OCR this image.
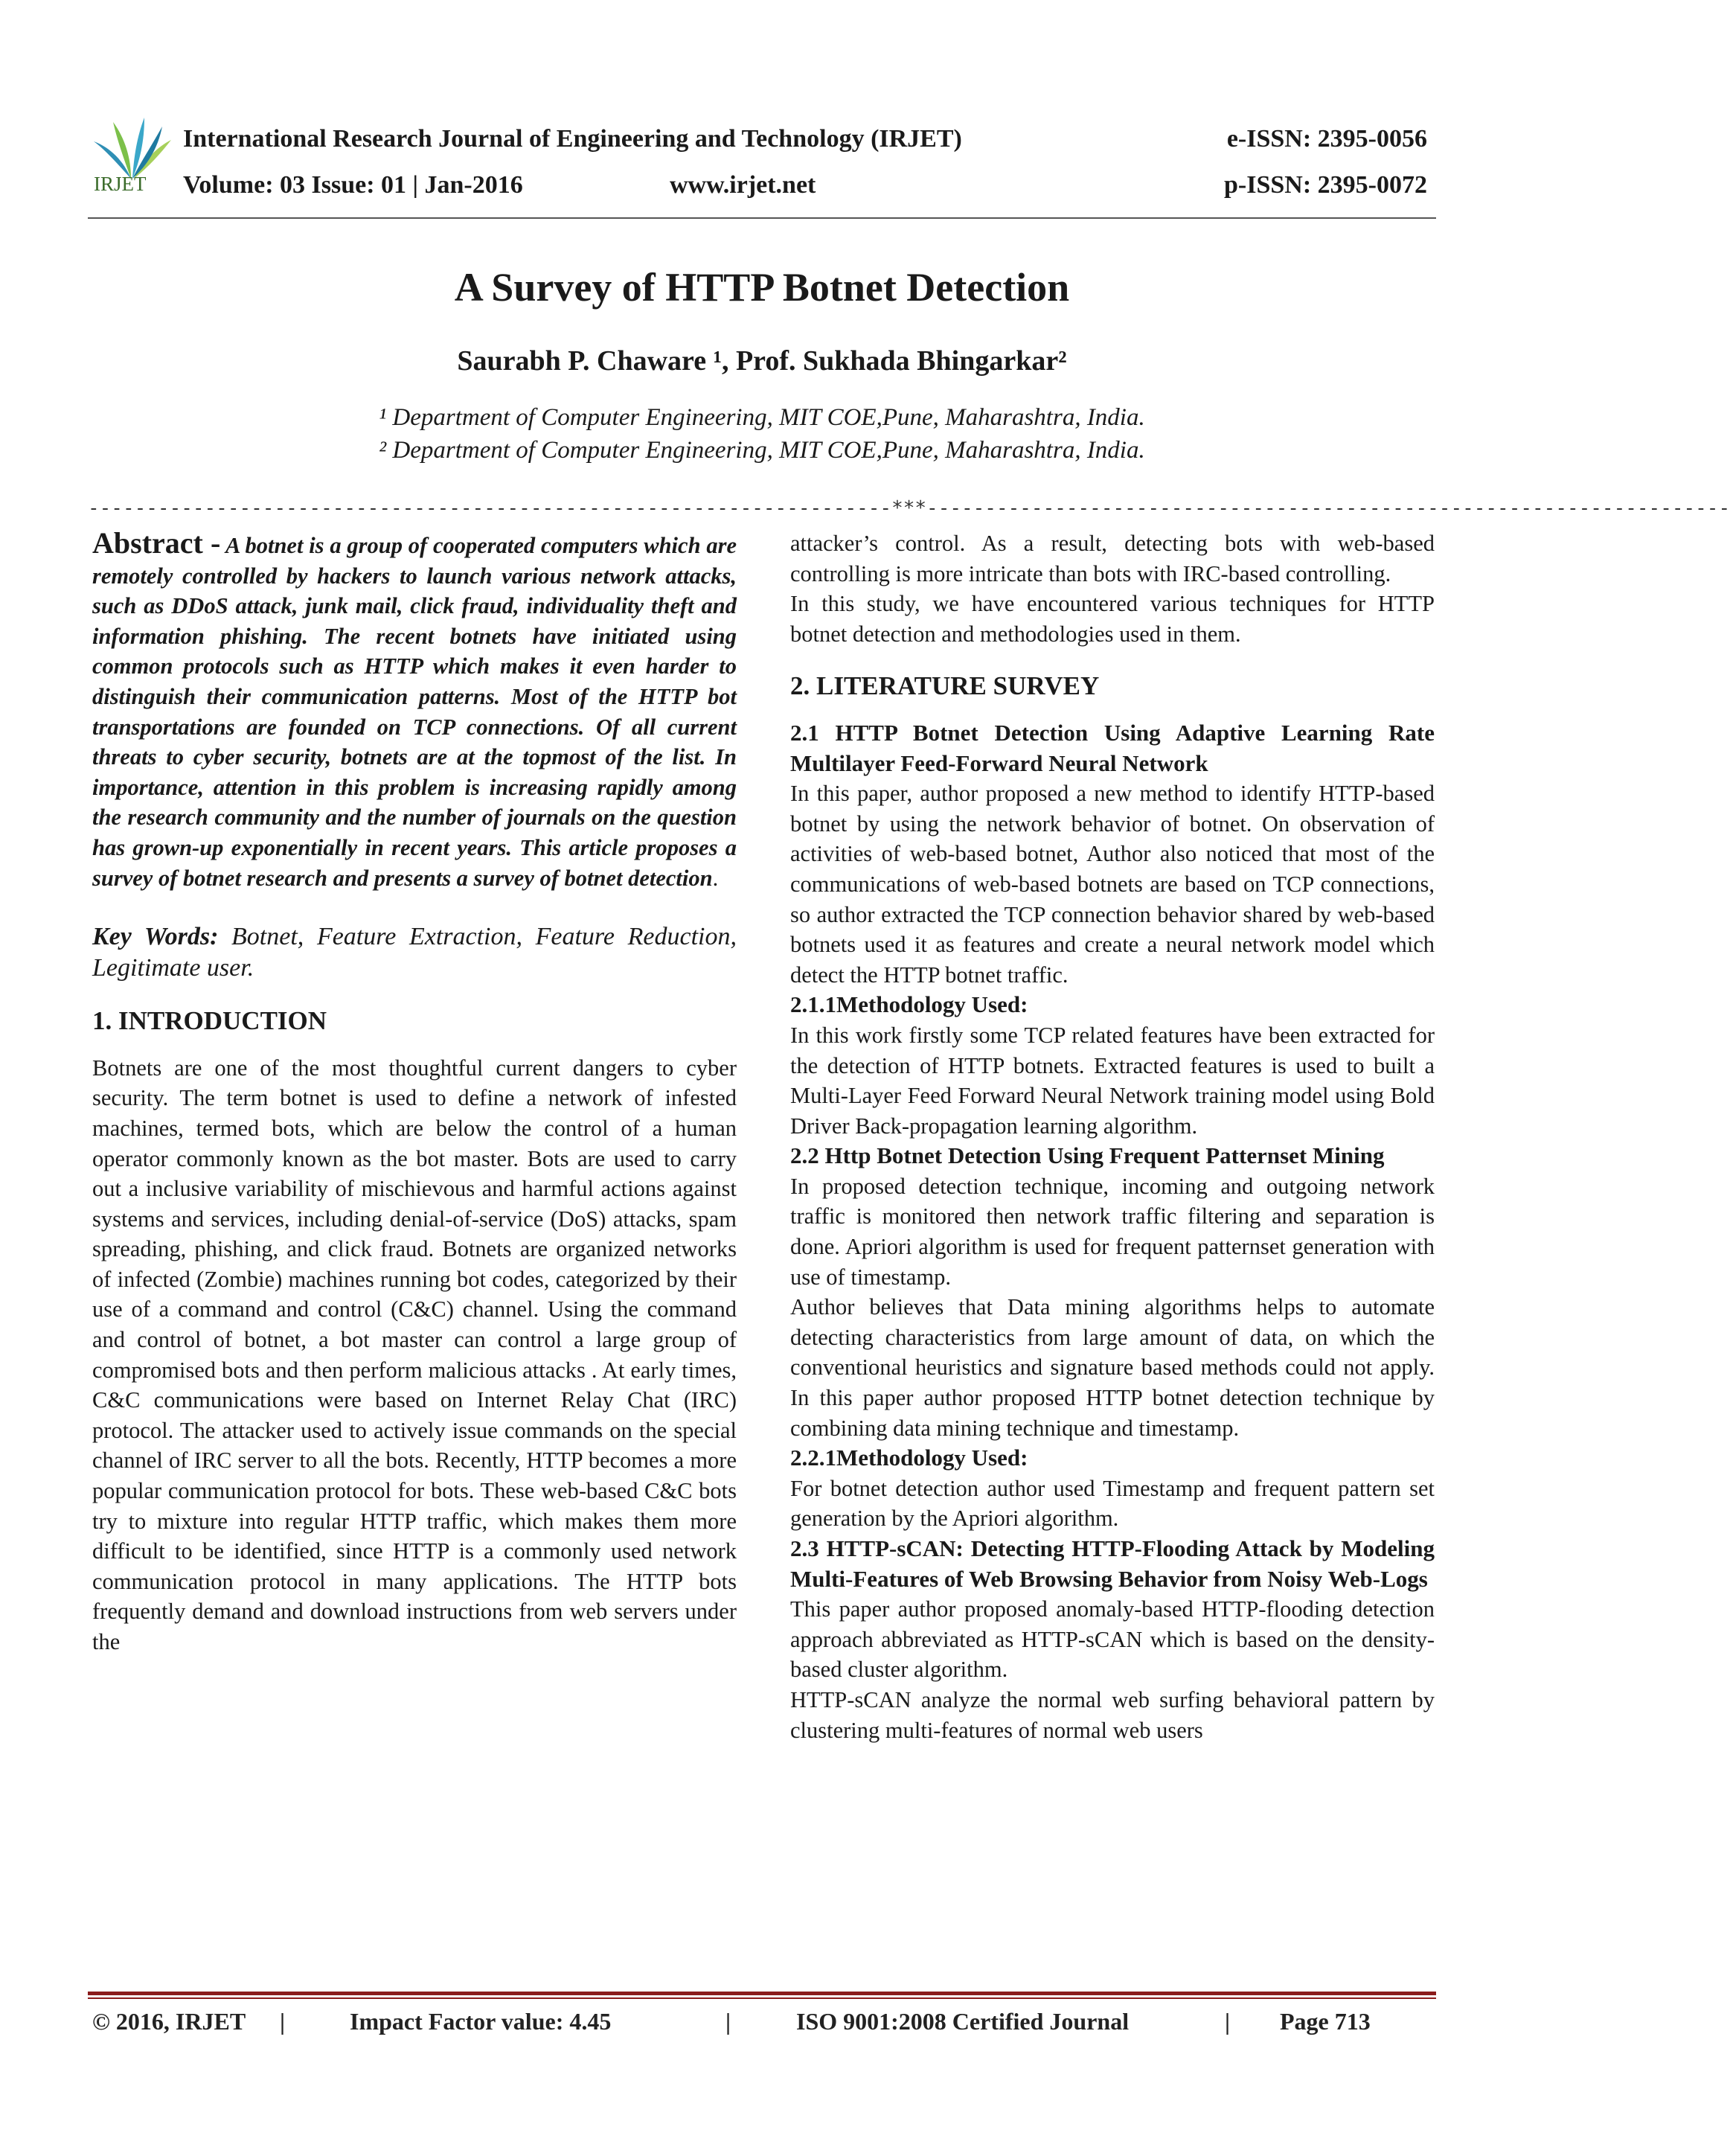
IRJET
International Research Journal of Engineering and Technology (IRJET)
Volume: 03 Issue: 01 | Jan-2016	www.irjet.net
e-ISSN: 2395-0056
p-ISSN: 2395-0072
A Survey of HTTP Botnet Detection
Saurabh P. Chaware ¹, Prof. Sukhada Bhingarkar²
¹ Department of Computer Engineering, MIT COE,Pune, Maharashtra, India.
² Department of Computer Engineering, MIT COE,Pune, Maharashtra, India.
---------------------------------------------------------------------***---------------------------------------------------------------------

Abstract - A botnet is a group of cooperated computers which are remotely controlled by hackers to launch various network attacks, such as DDoS attack, junk mail, click fraud, individuality theft and information phishing. The recent botnets have initiated using common protocols such as HTTP which makes it even harder to distinguish their communication patterns. Most of the HTTP bot transportations are founded on TCP connections. Of all current threats to cyber security, botnets are at the topmost of the list. In importance, attention in this problem is increasing rapidly among the research community and the number of journals on the question has grown-up exponentially in recent years. This article proposes a survey of botnet research and presents a survey of botnet detection.

Key Words: Botnet, Feature Extraction, Feature Reduction, Legitimate user.

1. INTRODUCTION

Botnets are one of the most thoughtful current dangers to cyber security. The term botnet is used to define a network of infested machines, termed bots, which are below the control of a human operator commonly known as the bot master. Bots are used to carry out a inclusive variability of mischievous and harmful actions against systems and services, including denial-of-service (DoS) attacks, spam spreading, phishing, and click fraud. Botnets are organized networks of infected (Zombie) machines running bot codes, categorized by their use of a command and control (C&C) channel. Using the command and control of botnet, a bot master can control a large group of compromised bots and then perform malicious attacks . At early times, C&C communications were based on Internet Relay Chat (IRC) protocol. The attacker used to actively issue commands on the special channel of IRC server to all the bots. Recently, HTTP becomes a more popular communication protocol for bots. These web-based C&C bots try to mixture into regular HTTP traffic, which makes them more difficult to be identified, since HTTP is a commonly used network communication protocol in many applications. The HTTP bots frequently demand and download instructions from web servers under the

attacker’s control. As a result, detecting bots with web-based controlling is more intricate than bots with IRC-based controlling.

In this study, we have encountered various techniques for HTTP botnet detection and methodologies used in them.

2. LITERATURE SURVEY

2.1 HTTP Botnet Detection Using Adaptive Learning Rate Multilayer Feed-Forward Neural Network

In this paper, author proposed a new method to identify HTTP-based botnet by using the network behavior of botnet. On observation of activities of web-based botnet, Author also noticed that most of the communications of web-based botnets are based on TCP connections, so author extracted the TCP connection behavior shared by web-based botnets used it as features and create a neural network model which detect the HTTP botnet traffic.

2.1.1Methodology Used:

In this work firstly some TCP related features have been extracted for the detection of HTTP botnets. Extracted features is used to built a Multi-Layer Feed Forward Neural Network training model using Bold Driver Back-propagation learning algorithm.

2.2 Http Botnet Detection Using Frequent Patternset Mining

In proposed detection technique, incoming and outgoing network traffic is monitored then network traffic filtering and separation is done. Apriori algorithm is used for frequent patternset generation with use of timestamp.

Author believes that Data mining algorithms helps to automate detecting characteristics from large amount of data, on which the conventional heuristics and signature based methods could not apply. In this paper author proposed HTTP botnet detection technique by combining data mining technique and timestamp.

2.2.1Methodology Used:

For botnet detection author used Timestamp and frequent pattern set generation by the Apriori algorithm.

2.3 HTTP-sCAN: Detecting HTTP-Flooding Attack by Modeling Multi-Features of Web Browsing Behavior from Noisy Web-Logs

This paper author proposed anomaly-based HTTP-flooding detection approach abbreviated as HTTP-sCAN which is based on the density-based cluster algorithm.

HTTP-sCAN analyze the normal web surfing behavioral pattern by clustering multi-features of normal web users

© 2016, IRJET |	Impact Factor value: 4.45	|	ISO 9001:2008 Certified Journal	| Page 713
